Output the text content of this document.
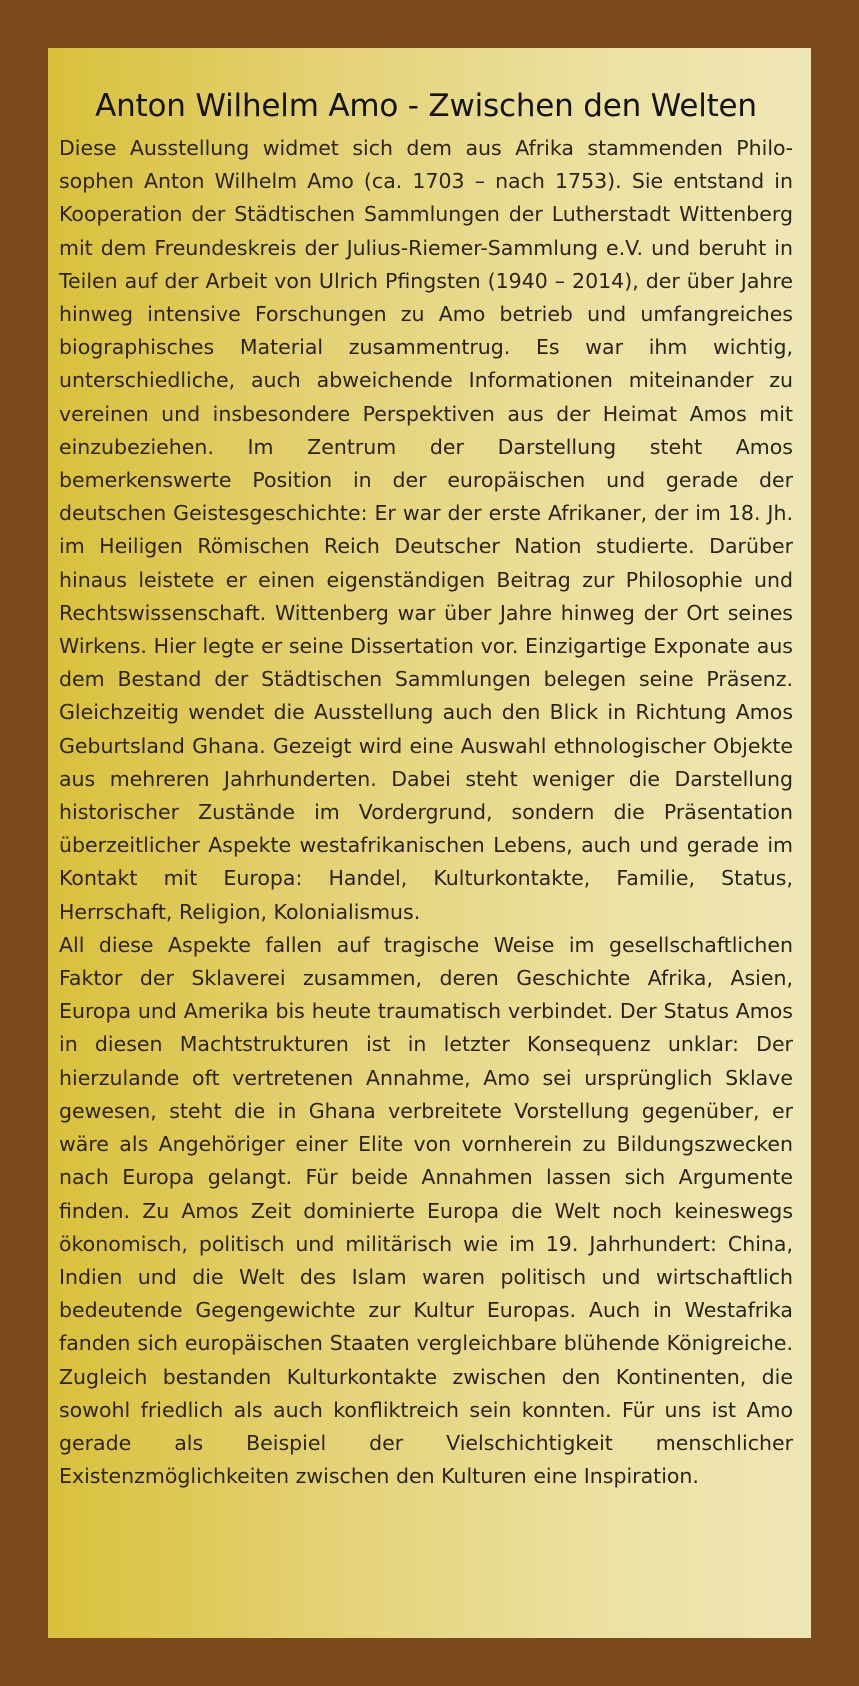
Anton Wilhelm Amo - Zwischen den Welten

Diese Ausstellung widmet sich dem aus Afrika stammenden Philosophen Anton Wilhelm Amo (ca. 1703 – nach 1753). Sie entstand in Kooperation der Städtischen Sammlungen der Lutherstadt Wittenberg mit dem Freundeskreis der Julius-Riemer-Sammlung e.V. und beruht in Teilen auf der Arbeit von Ulrich Pfingsten (1940 – 2014), der über Jahre hinweg intensive Forschungen zu Amo betrieb und umfangreiches biographisches Material zusammentrug. Es war ihm wichtig, unterschiedliche, auch abweichende Informationen miteinander zu vereinen und insbesondere Perspektiven aus der Heimat Amos mit einzubeziehen. Im Zentrum der Darstellung steht Amos bemerkenswerte Position in der europäischen und gerade der deutschen Geistesgeschichte: Er war der erste Afrikaner, der im 18. Jh. im Heiligen Römischen Reich Deutscher Nation studierte. Darüber hinaus leistete er einen eigenständigen Beitrag zur Philosophie und Rechtswissenschaft. Wittenberg war über Jahre hinweg der Ort seines Wirkens. Hier legte er seine Dissertation vor. Einzigartige Exponate aus dem Bestand der Städtischen Sammlungen belegen seine Präsenz. Gleichzeitig wendet die Ausstellung auch den Blick in Richtung Amos Geburtsland Ghana. Gezeigt wird eine Auswahl ethnologischer Objekte aus mehreren Jahrhunderten. Dabei steht weniger die Darstellung historischer Zustände im Vordergrund, sondern die Präsentation überzeitlicher Aspekte westafrikanischen Lebens, auch und gerade im Kontakt mit Europa: Handel, Kulturkontakte, Familie, Status, Herrschaft, Religion, Kolonialismus.

All diese Aspekte fallen auf tragische Weise im gesellschaftlichen Faktor der Sklaverei zusammen, deren Geschichte Afrika, Asien, Europa und Amerika bis heute traumatisch verbindet. Der Status Amos in diesen Machtstrukturen ist in letzter Konsequenz unklar: Der hierzulande oft vertretenen Annahme, Amo sei ursprünglich Sklave gewesen, steht die in Ghana verbreitete Vorstellung gegenüber, er wäre als Angehöriger einer Elite von vornherein zu Bildungszwecken nach Europa gelangt. Für beide Annahmen lassen sich Argumente finden. Zu Amos Zeit dominierte Europa die Welt noch keineswegs ökonomisch, politisch und militärisch wie im 19. Jahrhundert: China, Indien und die Welt des Islam waren politisch und wirtschaftlich bedeutende Gegengewichte zur Kultur Europas. Auch in Westafrika fanden sich europäischen Staaten vergleichbare blühende Königreiche. Zugleich bestanden Kulturkontakte zwischen den Kontinenten, die sowohl friedlich als auch konfliktreich sein konnten. Für uns ist Amo gerade als Beispiel der Vielschichtigkeit menschlicher Existenzmöglichkeiten zwischen den Kulturen eine Inspiration.
